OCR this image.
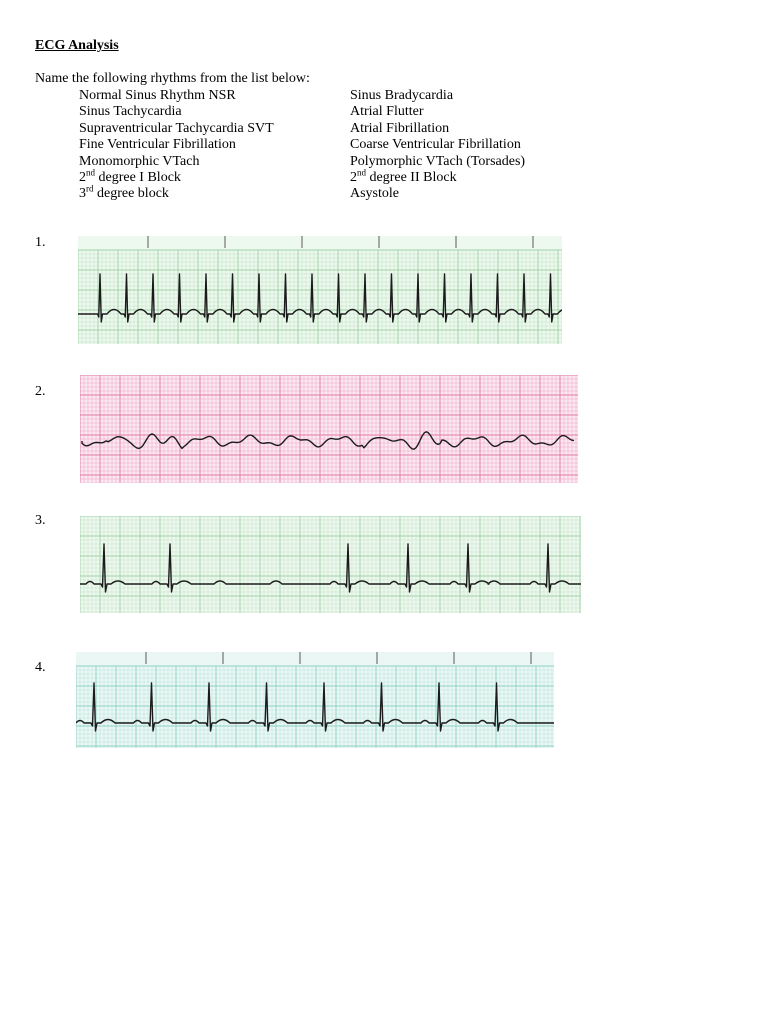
ECG Analysis
Name the following rhythms from the list below:
Normal Sinus Rhythm NSR
Sinus Tachycardia
Supraventricular Tachycardia SVT
Fine Ventricular Fibrillation
Monomorphic VTach
2nd degree I Block
3rd degree block
Sinus Bradycardia
Atrial Flutter
Atrial Fibrillation
Coarse Ventricular Fibrillation
Polymorphic VTach (Torsades)
2nd degree II Block
Asystole
1.
2.
3.
4.
